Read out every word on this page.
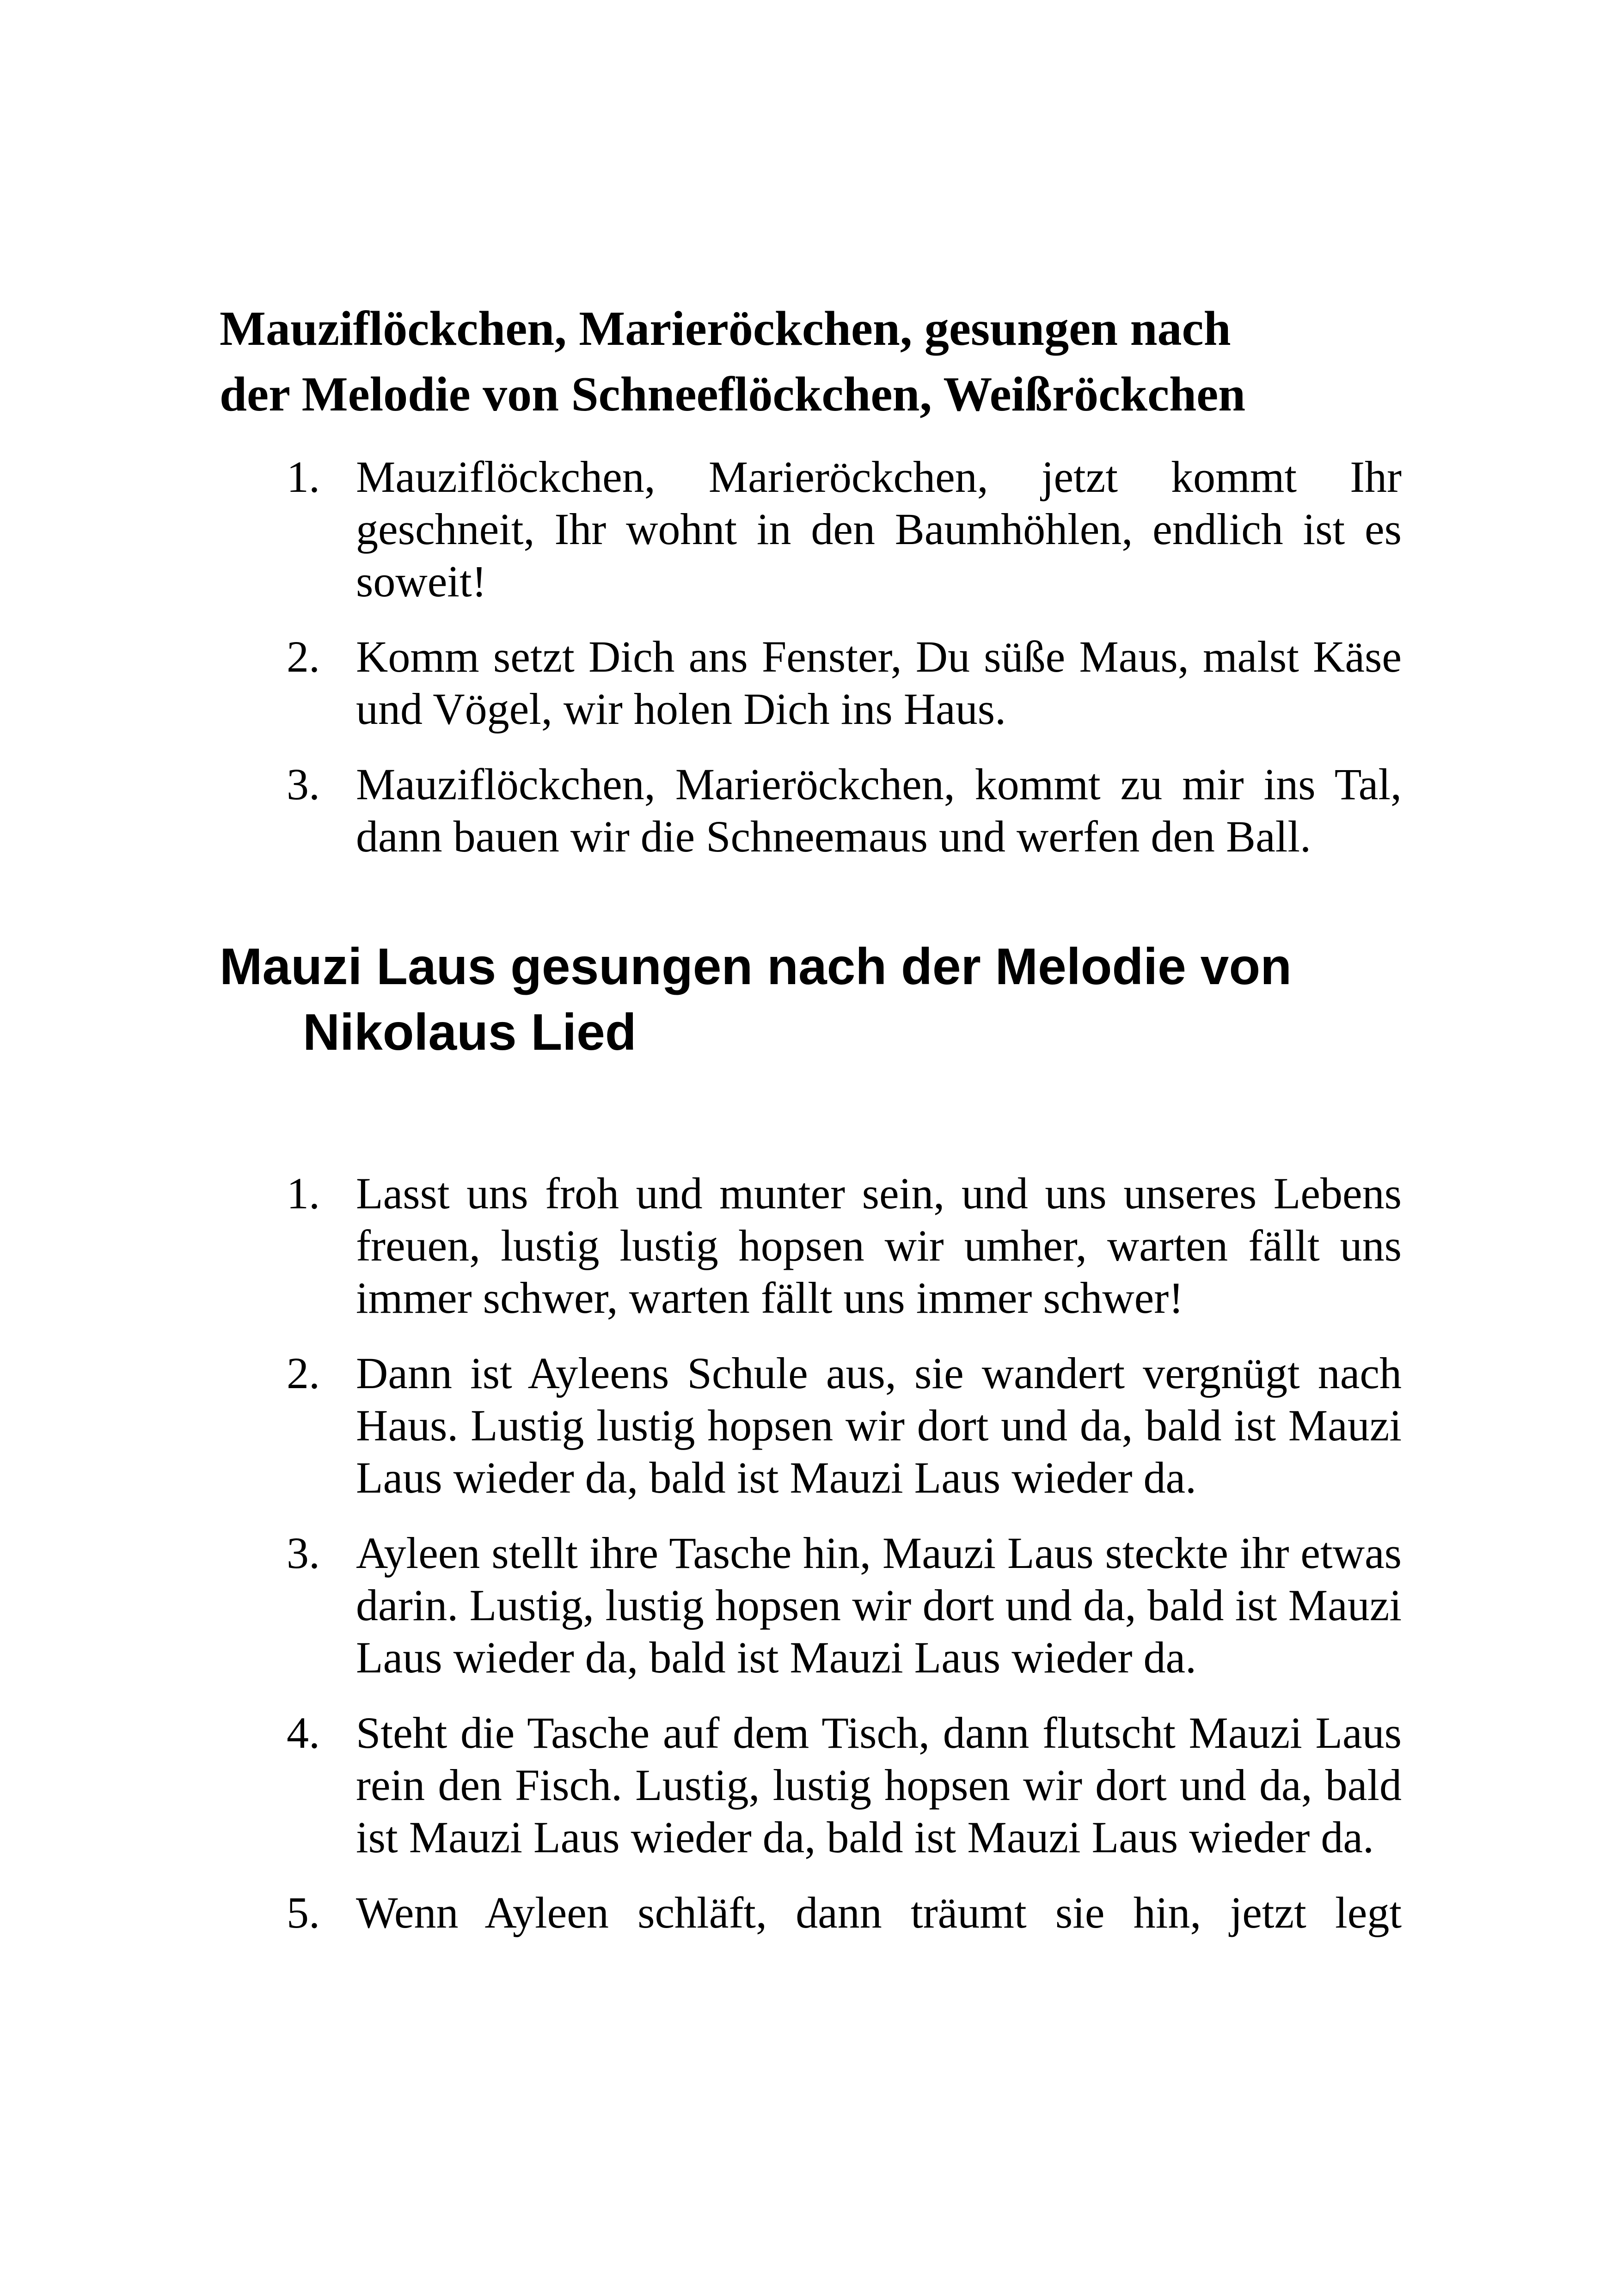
Mauziflöckchen, Marieröckchen, gesungen nach
der Melodie von Schneeflöckchen, Weißröckchen
1. Mauziflöckchen, Marieröckchen, jetzt kommt Ihr geschneit, Ihr wohnt in den Baumhöhlen, endlich ist es soweit!
2. Komm setzt Dich ans Fenster, Du süße Maus, malst Käse und Vögel, wir holen Dich ins Haus.
3. Mauziflöckchen, Marieröckchen, kommt zu mir ins Tal, dann bauen wir die Schneemaus und werfen den Ball.
Mauzi Laus gesungen nach der Melodie von
Nikolaus Lied
1. Lasst uns froh und munter sein, und uns unseres Lebens freuen, lustig lustig hopsen wir umher, warten fällt uns immer schwer, warten fällt uns immer schwer!
2. Dann ist Ayleens Schule aus, sie wandert vergnügt nach Haus. Lustig lustig hopsen wir dort und da, bald ist Mauzi Laus wieder da, bald ist Mauzi Laus wieder da.
3. Ayleen stellt ihre Tasche hin, Mauzi Laus steckte ihr etwas darin. Lustig, lustig hopsen wir dort und da, bald ist Mauzi Laus wieder da, bald ist Mauzi Laus wieder da.
4. Steht die Tasche auf dem Tisch, dann flutscht Mauzi Laus rein den Fisch. Lustig, lustig hopsen wir dort und da, bald ist Mauzi Laus wieder da, bald ist Mauzi Laus wieder da.
5. Wenn Ayleen schläft, dann träumt sie hin, jetzt legt
